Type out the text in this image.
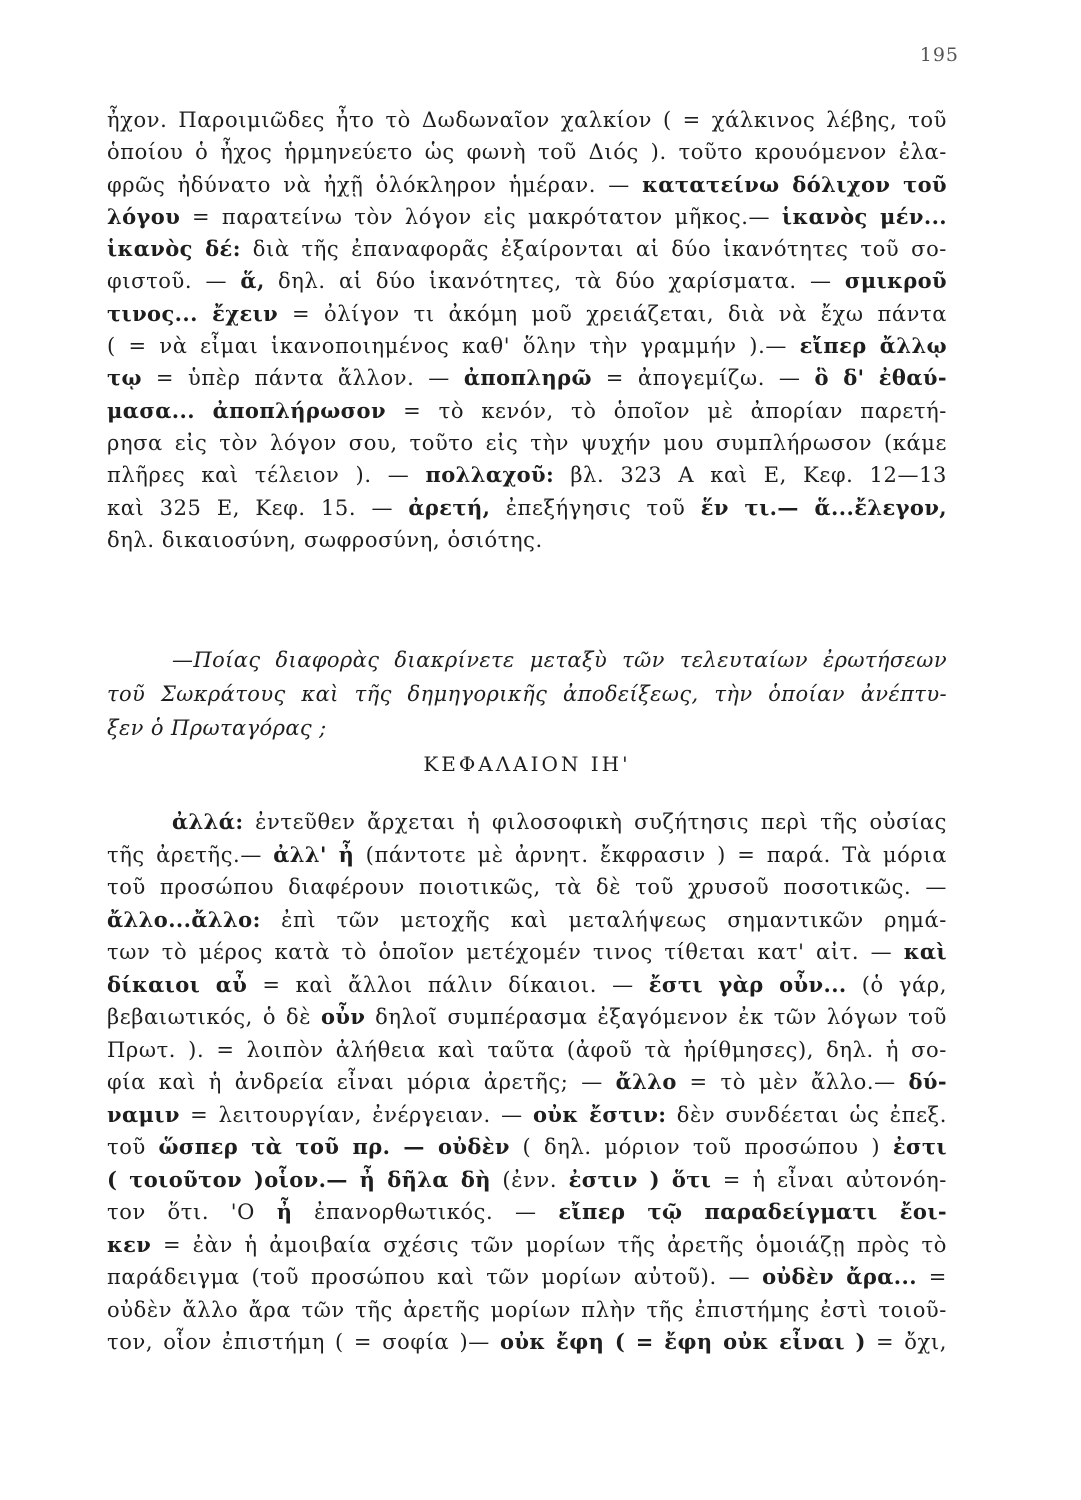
195
ἦχον. Παροιμιῶδες ἦτο τὸ Δωδωναῖον χαλκίον ( = χάλκινος λέβης, τοῦ
ὁποίου ὁ ἦχος ἡρμηνεύετο ὡς φωνὴ τοῦ Διός ). τοῦτο κρουόμενον ἐλα-
φρῶς ἠδύνατο νὰ ἠχῇ ὁλόκληρον ἡμέραν. — κατατείνω δόλιχον τοῦ
λόγου = παρατείνω τὸν λόγον εἰς μακρότατον μῆκος.— ἱκανὸς μέν...
ἱκανὸς δέ: διὰ τῆς ἐπαναφορᾶς ἐξαίρονται αἱ δύο ἱκανότητες τοῦ σο-
φιστοῦ. — ἅ, δηλ. αἱ δύο ἱκανότητες, τὰ δύο χαρίσματα. — σμικροῦ
τινος... ἔχειν = ὀλίγον τι ἀκόμη μοῦ χρειάζεται, διὰ νὰ ἔχω πάντα
( = νὰ εἶμαι ἱκανοποιημένος καθ' ὅλην τὴν γραμμήν ).— εἴπερ ἄλλῳ
τῳ = ὑπὲρ πάντα ἄλλον. — ἀποπληρῶ = ἀπογεμίζω. — ὃ δ' ἐθαύ-
μασα... ἀποπλήρωσον = τὸ κενόν, τὸ ὁποῖον μὲ ἀπορίαν παρετή-
ρησα εἰς τὸν λόγον σου, τοῦτο εἰς τὴν ψυχήν μου συμπλήρωσον (κάμε
πλῆρες καὶ τέλειον ). — πολλαχοῦ: βλ. 323 Α καὶ Ε, Κεφ. 12—13
καὶ 325 Ε, Κεφ. 15. — ἀρετή, ἐπεξήγησις τοῦ ἕν τι.— ἅ...ἔλεγον,
δηλ. δικαιοσύνη, σωφροσύνη, ὁσιότης.
—Ποίας διαφορὰς διακρίνετε μεταξὺ τῶν τελευταίων ἐρωτήσεων
τοῦ Σωκράτους καὶ τῆς δημηγορικῆς ἀποδείξεως, τὴν ὁποίαν ἀνέπτυ-
ξεν ὁ Πρωταγόρας ;
ΚΕΦΑΛΑΙΟΝ ΙΗ'
ἀλλά: ἐντεῦθεν ἄρχεται ἡ φιλοσοφικὴ συζήτησις περὶ τῆς οὐσίας
τῆς ἀρετῆς.— ἀλλ' ἦ (πάντοτε μὲ ἀρνητ. ἔκφρασιν ) = παρά. Τὰ μόρια
τοῦ προσώπου διαφέρουν ποιοτικῶς, τὰ δὲ τοῦ χρυσοῦ ποσοτικῶς. —
ἄλλο...ἄλλο: ἐπὶ τῶν μετοχῆς καὶ μεταλήψεως σημαντικῶν ρημά-
των τὸ μέρος κατὰ τὸ ὁποῖον μετέχομέν τινος τίθεται κατ' αἰτ. — καὶ
δίκαιοι αὖ = καὶ ἄλλοι πάλιν δίκαιοι. — ἔστι γὰρ οὖν... (ὁ γάρ,
βεβαιωτικός, ὁ δὲ οὖν δηλοῖ συμπέρασμα ἐξαγόμενον ἐκ τῶν λόγων τοῦ
Πρωτ. ). = λοιπὸν ἀλήθεια καὶ ταῦτα (ἀφοῦ τὰ ἠρίθμησες), δηλ. ἡ σο-
φία καὶ ἡ ἀνδρεία εἶναι μόρια ἀρετῆς; — ἄλλο = τὸ μὲν ἄλλο.— δύ-
ναμιν = λειτουργίαν, ἐνέργειαν. — οὐκ ἔστιν: δὲν συνδέεται ὡς ἐπεξ.
τοῦ ὥσπερ τὰ τοῦ πρ. — οὐδὲν ( δηλ. μόριον τοῦ προσώπου ) ἐστι
( τοιοῦτον )οἷον.— ἦ δῆλα δὴ (ἐνν. ἐστιν ) ὅτι = ἡ εἶναι αὐτονόη-
τον ὅτι. 'Ο ἦ ἐπανορθωτικός. — εἴπερ τῷ παραδείγματι ἔοι-
κεν = ἐὰν ἡ ἀμοιβαία σχέσις τῶν μορίων τῆς ἀρετῆς ὁμοιάζῃ πρὸς τὸ
παράδειγμα (τοῦ προσώπου καὶ τῶν μορίων αὐτοῦ). — οὐδὲν ἄρα... =
οὐδὲν ἄλλο ἄρα τῶν τῆς ἀρετῆς μορίων πλὴν τῆς ἐπιστήμης ἐστὶ τοιοῦ-
τον, οἷον ἐπιστήμη ( = σοφία )— οὐκ ἔφη ( = ἔφη οὐκ εἶναι ) = ὄχι,
